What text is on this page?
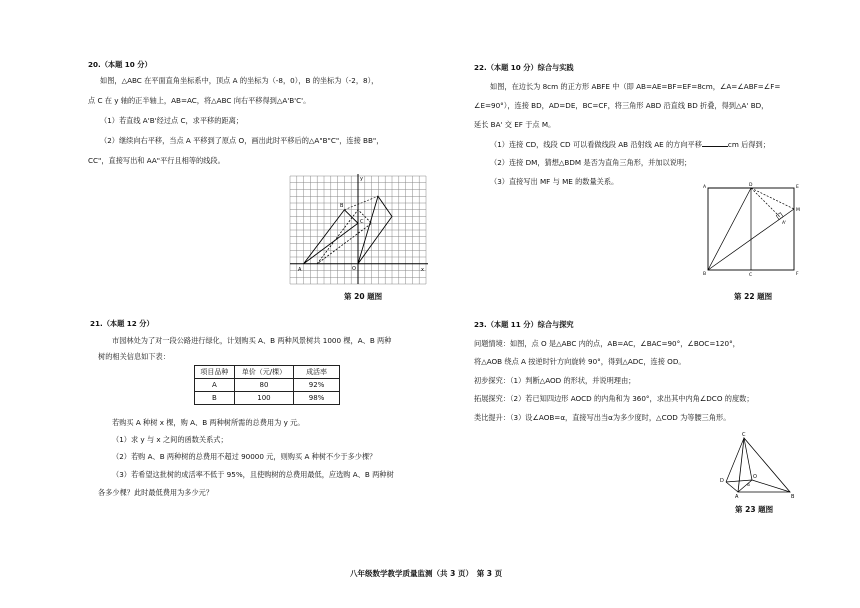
20.（本题 10 分）
如图，△ABC 在平面直角坐标系中，顶点 A 的坐标为（-8，0），B 的坐标为（-2，8），
点 C 在 y 轴的正半轴上，AB=AC，将△ABC 向右平移得到△A'B'C'。
（1）若直线 A'B'经过点 C，求平移的距离；
（2）继续向右平移，当点 A 平移到了原点 O，画出此时平移后的△A"B"C"，连接 BB"，
CC"，直接写出和 AA"平行且相等的线段。
x
y
O
A
B
C
第 20 题图
21.（本题 12 分）
市园林处为了对一段公路进行绿化，计划购买 A、B 两种风景树共 1000 棵，A、B 两种
树的相关信息如下表：
项目品种	单价（元/棵）	成活率
A	80	92%
B	100	98%
若购买 A 种树 x 棵，购 A、B 两种树所需的总费用为 y 元。
（1）求 y 与 x 之间的函数关系式；
（2）若购 A、B 两种树的总费用不超过 90000 元，则购买 A 种树不少于多少棵？
（3）若希望这批树的成活率不低于 95%，且使购树的总费用最低，应选购 A、B 两种树
各多少棵？此时最低费用为多少元？
22.（本题 10 分）综合与实践
如图，在边长为 8cm 的正方形 ABFE 中（即 AB=AE=BF=EF=8cm，∠A=∠ABF=∠F=
∠E=90°），连接 BD，AD=DE，BC=CF，将三角形 ABD 沿直线 BD 折叠，得到△A' BD，
延长 BA' 交 EF 于点 M。
（1）连接 CD，线段 CD 可以看做线段 AB 沿射线 AE 的方向平移	cm 后得到；
（2）连接 DM，猜想△BDM 是否为直角三角形，并加以说明；
（3）直接写出 MF 与 ME 的数量关系。
A	D	E
M
A'
B	C	F
第 22 题图
23.（本题 11 分）综合与探究
问题情境：如图，点 O 是△ABC 内的点，AB=AC，∠BAC=90°，∠BOC=120°，
将△AOB 绕点 A 按逆时针方向旋转 90°，得到△ADC，连接 OD。
初步探究：（1）判断△AOD 的形状，并说明理由；
拓展探究：（2）若已知四边形 AOCD 的内角和为 360°，求出其中内角∠DCO 的度数；
类比提升：（3）设∠AOB=α，直接写出当α为多少度时，△COD 为等腰三角形。
C
D
O
α
A	B
第 23 题图
八年级数学教学质量监测（共 3 页）　第 3 页
